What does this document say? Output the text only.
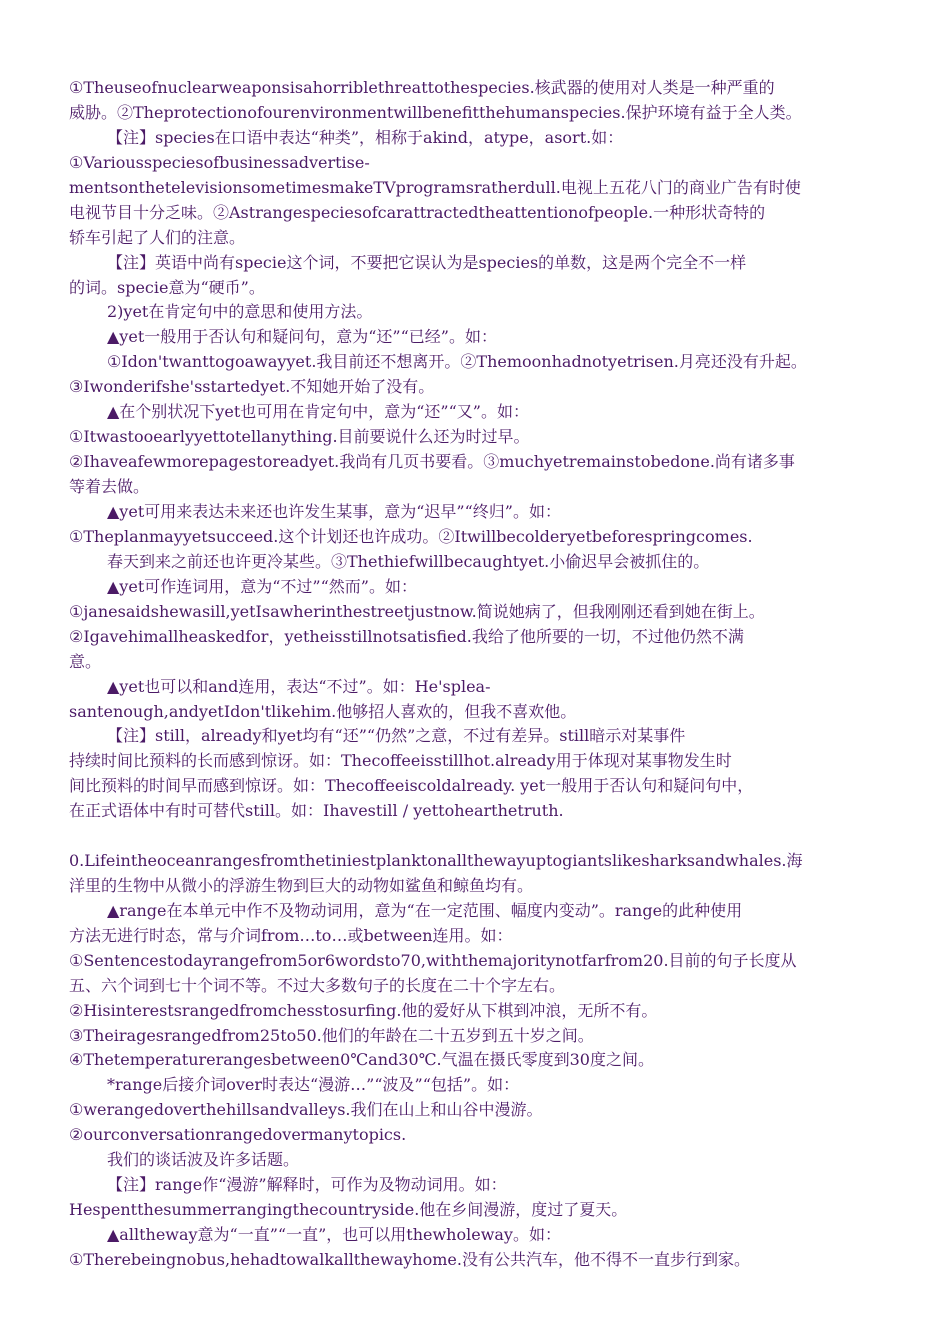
①Theuseofnuclearweaponsisahorriblethreattothespecies.核武器的使用对人类是一种严重的
威胁。②Theprotectionofourenvironmentwillbenefitthehumanspecies.保护环境有益于全人类。
【注】species在口语中表达“种类”，相称于akind，atype，asort.如：
①Variousspeciesofbusinessadvertise-
mentsonthetelevisionsometimesmakeTVprogramsratherdull.电视上五花八门的商业广告有时使
电视节目十分乏味。②Astrangespeciesofcarattractedtheattentionofpeople.一种形状奇特的
轿车引起了人们的注意。
【注】英语中尚有specie这个词，不要把它误认为是species的单数，这是两个完全不一样
的词。specie意为“硬币”。
2)yet在肯定句中的意思和使用方法。
▲yet一般用于否认句和疑问句，意为“还”“已经”。如：
①Idon'twanttogoawayyet.我目前还不想离开。②Themoonhadnotyetrisen.月亮还没有升起。
③Iwonderifshe'sstartedyet.不知她开始了没有。
▲在个别状况下yet也可用在肯定句中，意为“还”“又”。如：
①Itwastooearlyyettotellanything.目前要说什么还为时过早。
②Ihaveafewmorepagestoreadyet.我尚有几页书要看。③muchyetremainstobedone.尚有诸多事
等着去做。
▲yet可用来表达未来还也许发生某事，意为“迟早”“终归”。如：
①Theplanmayyetsucceed.这个计划还也许成功。②Itwillbecolderyetbeforespringcomes.
春天到来之前还也许更冷某些。③Thethiefwillbecaughtyet.小偷迟早会被抓住的。
▲yet可作连词用，意为“不过”“然而”。如：
①janesaidshewasill,yetIsawherinthestreetjustnow.简说她病了，但我刚刚还看到她在街上。
②Igavehimallheaskedfor，yetheisstillnotsatisfied.我给了他所要的一切，不过他仍然不满
意。
▲yet也可以和and连用，表达“不过”。如：He'splea-
santenough,andyetIdon'tlikehim.他够招人喜欢的，但我不喜欢他。
【注】still，already和yet均有“还”“仍然”之意，不过有差异。still暗示对某事件
持续时间比预料的长而感到惊讶。如：Thecoffeeisstillhot.already用于体现对某事物发生时
间比预料的时间早而感到惊讶。如：Thecoffeeiscoldalready. yet一般用于否认句和疑问句中，
在正式语体中有时可替代still。如：Ihavestill / yettohearthetruth.
0.Lifeintheoceanrangesfromthetiniestplanktonallthewayuptogiantslikesharksandwhales.海
洋里的生物中从微小的浮游生物到巨大的动物如鲨鱼和鲸鱼均有。
▲range在本单元中作不及物动词用，意为“在一定范围、幅度内变动”。range的此种使用
方法无进行时态，常与介词from…to…或between连用。如：
①Sentencestodayrangefrom5or6wordsto70,withthemajoritynotfarfrom20.目前的句子长度从
五、六个词到七十个词不等。不过大多数句子的长度在二十个字左右。
②Hisinterestsrangedfromchesstosurfing.他的爱好从下棋到冲浪，无所不有。
③Theiragesrangedfrom25to50.他们的年龄在二十五岁到五十岁之间。
④Thetemperaturerangesbetween0℃and30℃.气温在摄氏零度到30度之间。
*range后接介词over时表达“漫游…”“波及”“包括”。如：
①werangedoverthehillsandvalleys.我们在山上和山谷中漫游。
②ourconversationrangedovermanytopics.
我们的谈话波及许多话题。
【注】range作“漫游”解释时，可作为及物动词用。如：
Hespentthesummerrangingthecountryside.他在乡间漫游，度过了夏天。
▲alltheway意为“一直”“一直”，也可以用thewholeway。如：
①Therebeingnobus,hehadtowalkallthewayhome.没有公共汽车，他不得不一直步行到家。
